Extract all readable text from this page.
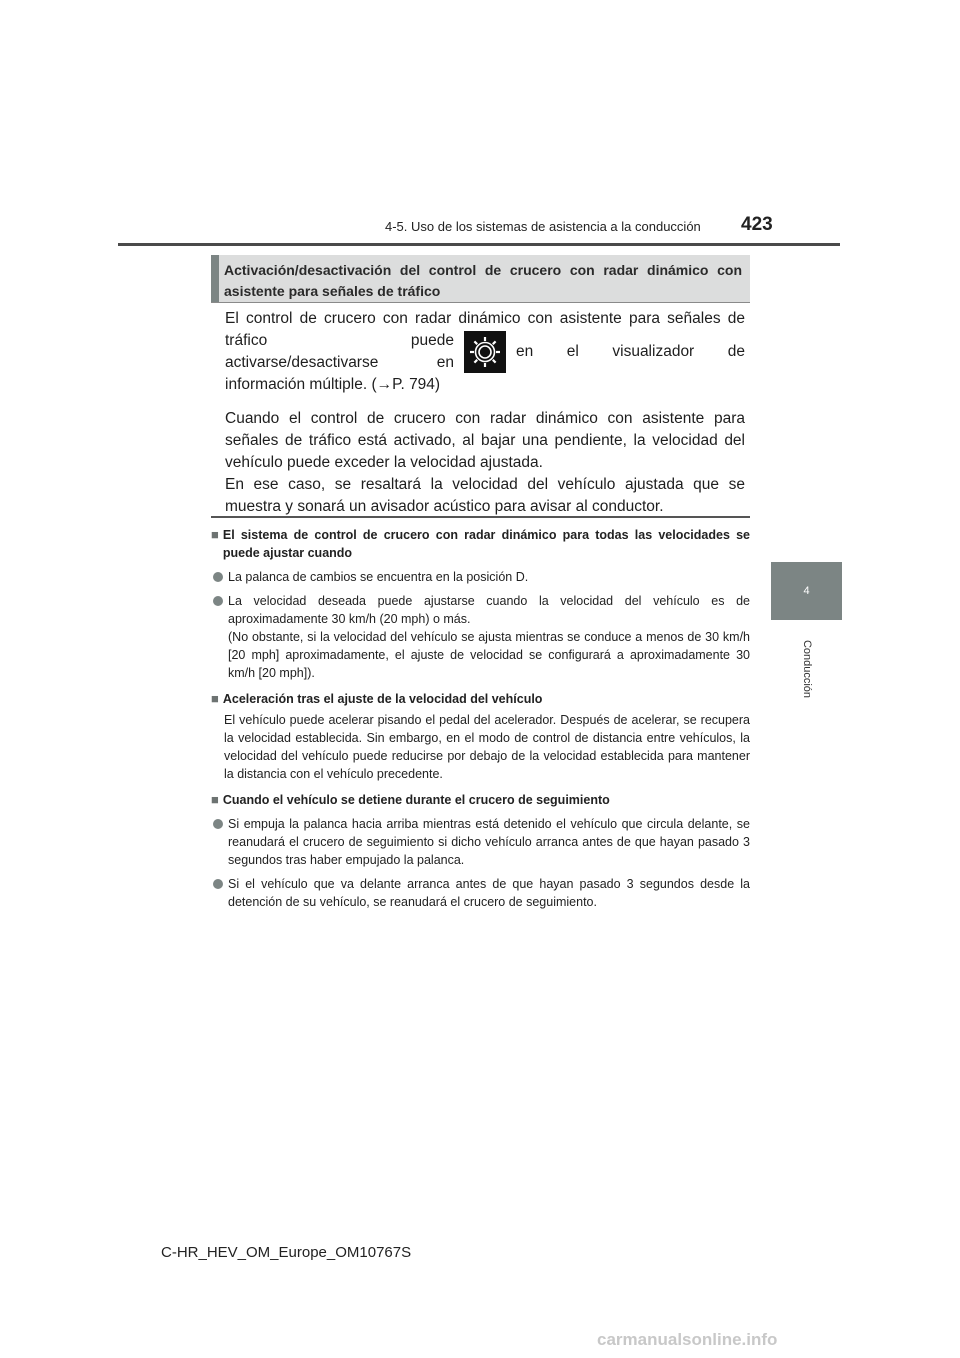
4-5. Uso de los sistemas de asistencia a la conducción 423
4
Conducción
Activación/desactivación del control de crucero con radar dinámico con asistente para señales de tráfico

El control de crucero con radar dinámico con asistente para señales de

tráfico puede activarse/desactivarse en
en el visualizador de

información múltiple. (→P. 794)

Cuando el control de crucero con radar dinámico con asistente para señales de tráfico está activado, al bajar una pendiente, la velocidad del vehículo puede exceder la velocidad ajustada.

En ese caso, se resaltará la velocidad del vehículo ajustada que se muestra y sonará un avisador acústico para avisar al conductor.

■ El sistema de control de crucero con radar dinámico para todas las velocidades se puede ajustar cuando
La palanca de cambios se encuentra en la posición D.
La velocidad deseada puede ajustarse cuando la velocidad del vehículo es de aproximadamente 30 km/h (20 mph) o más.
(No obstante, si la velocidad del vehículo se ajusta mientras se conduce a menos de 30 km/h [20 mph] aproximadamente, el ajuste de velocidad se configurará a aproximadamente 30 km/h [20 mph]).
■ Aceleración tras el ajuste de la velocidad del vehículo
El vehículo puede acelerar pisando el pedal del acelerador. Después de acelerar, se recupera la velocidad establecida. Sin embargo, en el modo de control de distancia entre vehículos, la velocidad del vehículo puede reducirse por debajo de la velocidad establecida para mantener la distancia con el vehículo precedente.
■ Cuando el vehículo se detiene durante el crucero de seguimiento
Si empuja la palanca hacia arriba mientras está detenido el vehículo que circula delante, se reanudará el crucero de seguimiento si dicho vehículo arranca antes de que hayan pasado 3 segundos tras haber empujado la palanca.
Si el vehículo que va delante arranca antes de que hayan pasado 3 segundos desde la detención de su vehículo, se reanudará el crucero de seguimiento.
C-HR_HEV_OM_Europe_OM10767S
carmanualsonline.info
